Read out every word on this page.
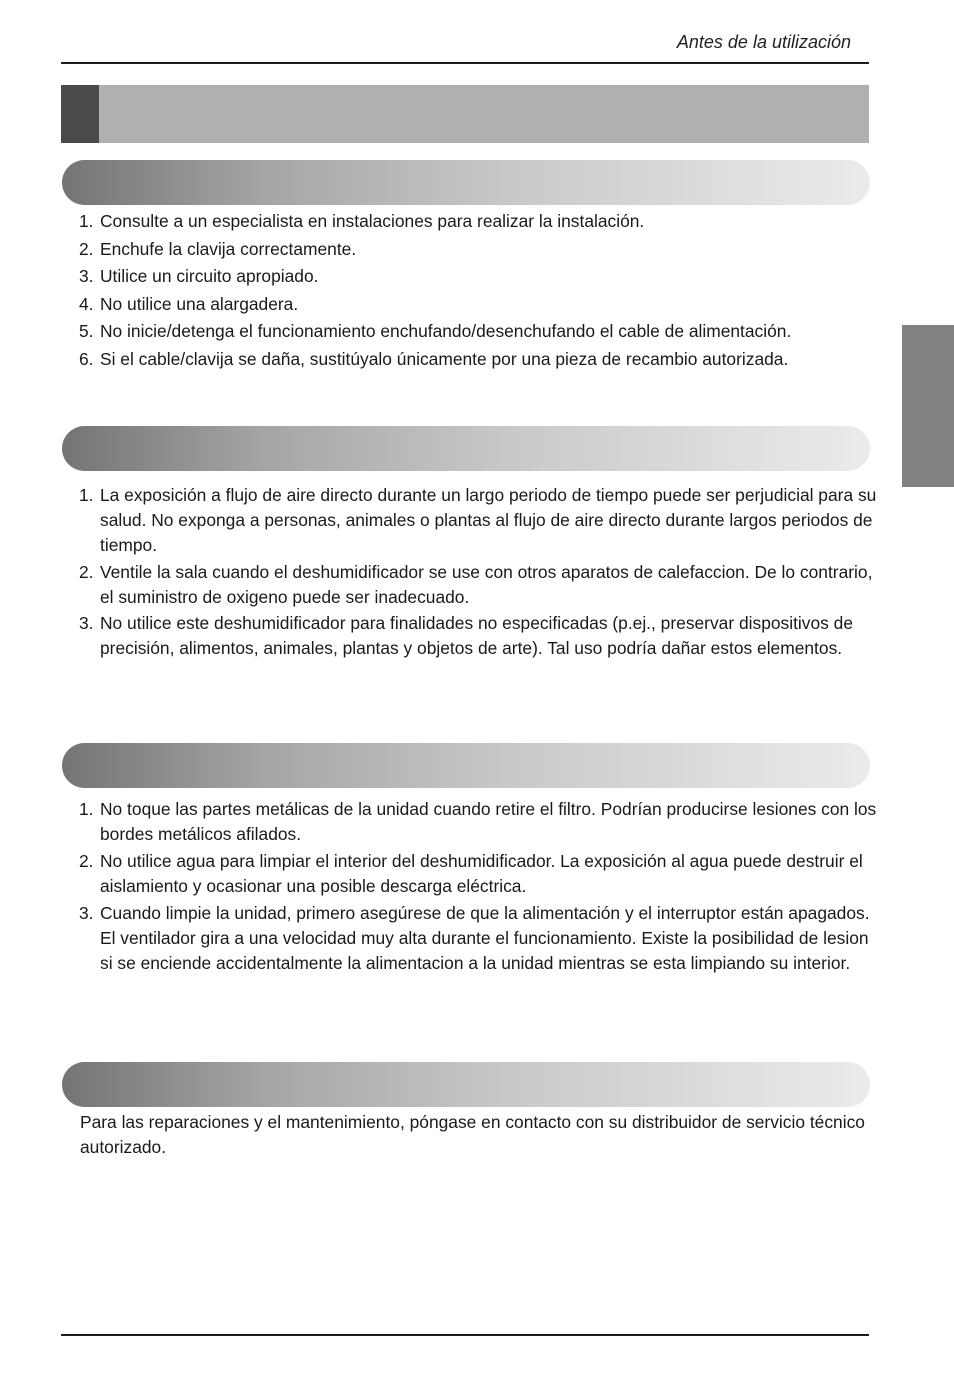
Antes de la utilización
1. Consulte a un especialista en instalaciones para realizar la instalación.
2. Enchufe la clavija correctamente.
3. Utilice un circuito apropiado.
4. No utilice una alargadera.
5. No inicie/detenga el funcionamiento enchufando/desenchufando el cable de alimentación.
6. Si el cable/clavija se daña, sustitúyalo únicamente por una pieza de recambio autorizada.
1. La exposición a flujo de aire directo durante un largo periodo de tiempo puede ser perjudicial para su salud. No exponga a personas, animales o plantas al flujo de aire directo durante largos periodos de tiempo.
2. Ventile la sala cuando el deshumidificador se use con otros aparatos de calefaccion. De lo contrario, el suministro de oxigeno puede ser inadecuado.
3. No utilice este deshumidificador para finalidades no especificadas (p.ej., preservar dispositivos de precisión, alimentos, animales, plantas y objetos de arte). Tal uso podría dañar estos elementos.
1. No toque las partes metálicas de la unidad cuando retire el filtro. Podrían producirse lesiones con los bordes metálicos afilados.
2. No utilice agua para limpiar el interior del deshumidificador. La exposición al agua puede destruir el aislamiento y ocasionar una posible descarga eléctrica.
3. Cuando limpie la unidad, primero asegúrese de que la alimentación y el interruptor están apagados. El ventilador gira a una velocidad muy alta durante el funcionamiento. Existe la posibilidad de lesion si se enciende accidentalmente la alimentacion a la unidad mientras se esta limpiando su interior.

Para las reparaciones y el mantenimiento, póngase en contacto con su distribuidor de servicio técnico autorizado.
